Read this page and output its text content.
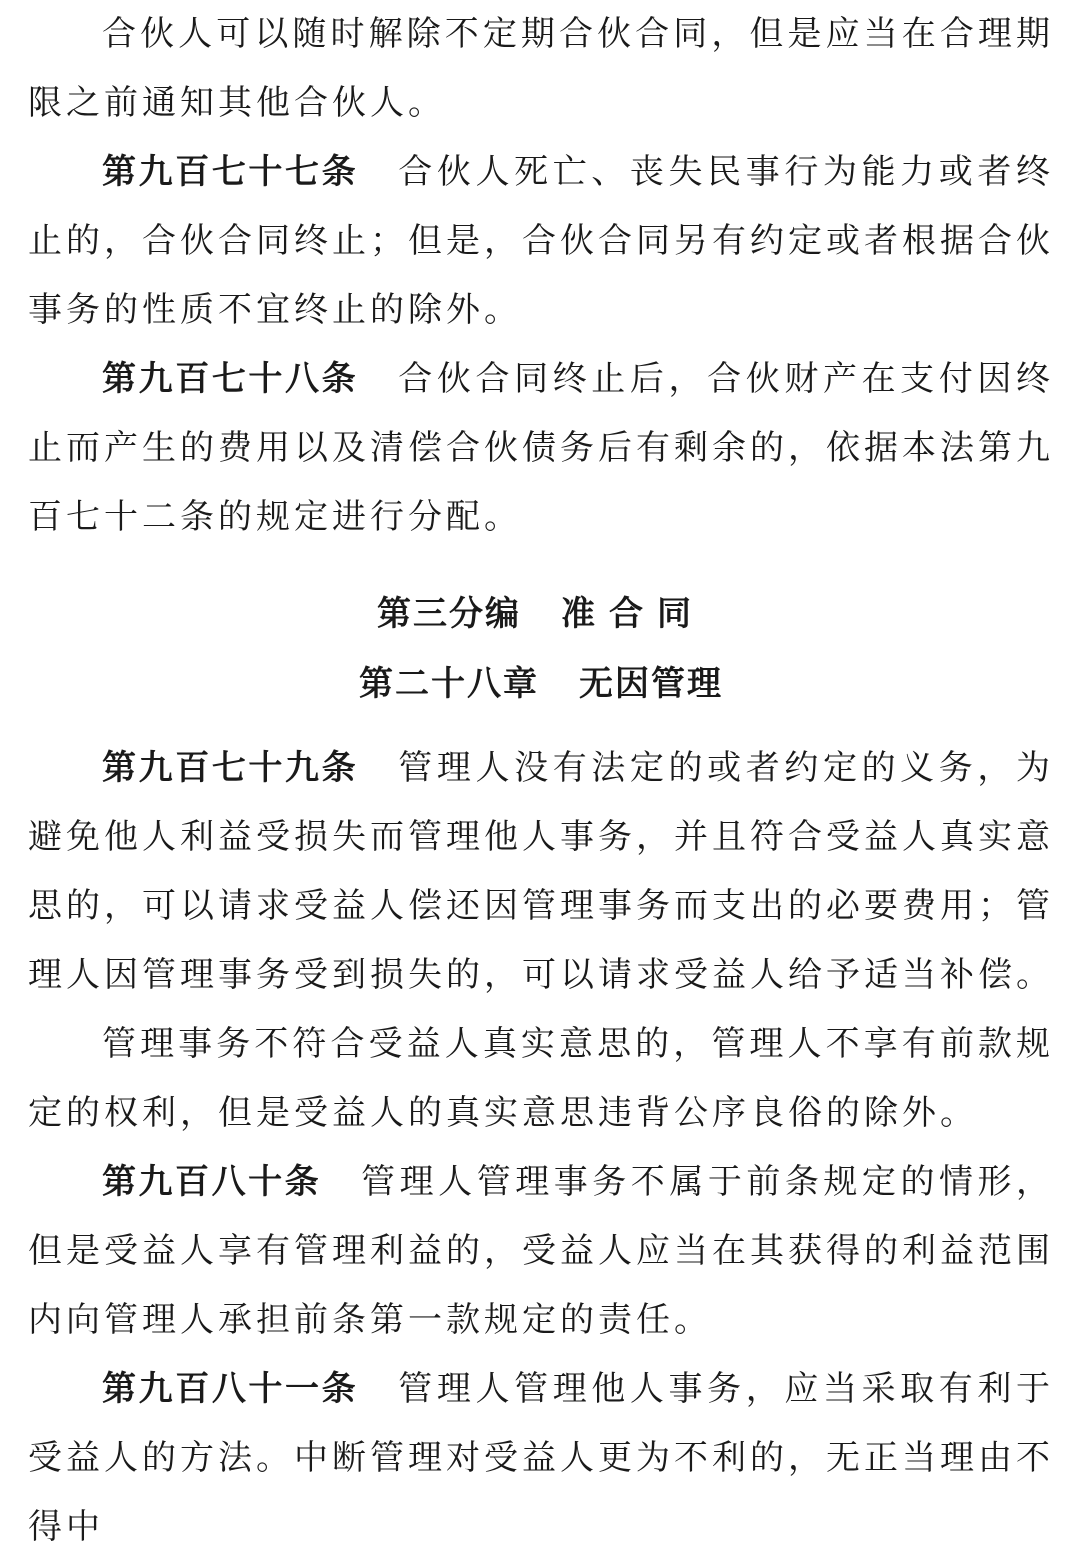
合伙人可以随时解除不定期合伙合同，但是应当在合理期限之前通知其他合伙人。

第九百七十七条 合伙人死亡、丧失民事行为能力或者终止的，合伙合同终止；但是，合伙合同另有约定或者根据合伙事务的性质不宜终止的除外。

第九百七十八条 合伙合同终止后，合伙财产在支付因终止而产生的费用以及清偿合伙债务后有剩余的，依据本法第九百七十二条的规定进行分配。

第三分编 准合同
第二十八章 无因管理

第九百七十九条 管理人没有法定的或者约定的义务，为避免他人利益受损失而管理他人事务，并且符合受益人真实意思的，可以请求受益人偿还因管理事务而支出的必要费用；管理人因管理事务受到损失的，可以请求受益人给予适当补偿。

管理事务不符合受益人真实意思的，管理人不享有前款规定的权利，但是受益人的真实意思违背公序良俗的除外。

第九百八十条 管理人管理事务不属于前条规定的情形，但是受益人享有管理利益的，受益人应当在其获得的利益范围内向管理人承担前条第一款规定的责任。

第九百八十一条 管理人管理他人事务，应当采取有利于受益人的方法。中断管理对受益人更为不利的，无正当理由不得中
